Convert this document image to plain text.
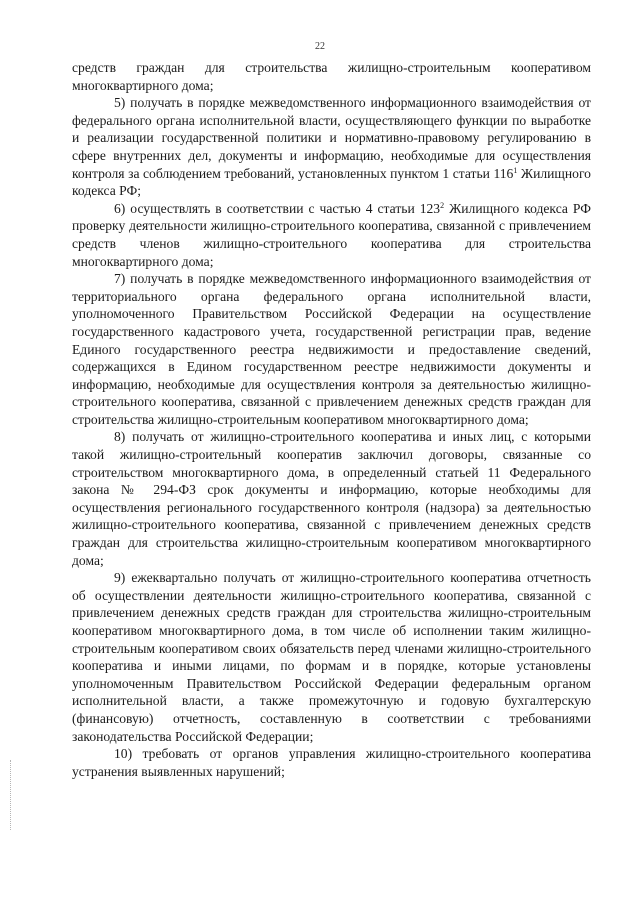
22

средств граждан для строительства жилищно-строительным кооперативом многоквартирного дома;

5) получать в порядке межведомственного информационного взаимодействия от федерального органа исполнительной власти, осуществляющего функции по выработке и реализации государственной политики и нормативно-правовому регулированию в сфере внутренних дел, документы и информацию, необходимые для осуществления контроля за соблюдением требований, установленных пунктом 1 статьи $116^1$ Жилищного кодекса РФ;

6) осуществлять в соответствии с частью 4 статьи $123^2$ Жилищного кодекса РФ проверку деятельности жилищно-строительного кооператива, связанной с привлечением средств членов жилищно-строительного кооператива для строительства многоквартирного дома;

7) получать в порядке межведомственного информационного взаимодействия от территориального органа федерального органа исполнительной власти, уполномоченного Правительством Российской Федерации на осуществление государственного кадастрового учета, государственной регистрации прав, ведение Единого государственного реестра недвижимости и предоставление сведений, содержащихся в Едином государственном реестре недвижимости документы и информацию, необходимые для осуществления контроля за деятельностью жилищно-строительного кооператива, связанной с привлечением денежных средств граждан для строительства жилищно-строительным кооперативом многоквартирного дома;

8) получать от жилищно-строительного кооператива и иных лиц, с которыми такой жилищно-строительный кооператив заключил договоры, связанные со строительством многоквартирного дома, в определенный статьей 11 Федерального закона № 294-ФЗ срок документы и информацию, которые необходимы для осуществления регионального государственного контроля (надзора) за деятельностью жилищно-строительного кооператива, связанной с привлечением денежных средств граждан для строительства жилищно-строительным кооперативом многоквартирного дома;

9) ежеквартально получать от жилищно-строительного кооператива отчетность об осуществлении деятельности жилищно-строительного кооператива, связанной с привлечением денежных средств граждан для строительства жилищно-строительным кооперативом многоквартирного дома, в том числе об исполнении таким жилищно-строительным кооперативом своих обязательств перед членами жилищно-строительного кооператива и иными лицами, по формам и в порядке, которые установлены уполномоченным Правительством Российской Федерации федеральным органом исполнительной власти, а также промежуточную и годовую бухгалтерскую (финансовую) отчетность, составленную в соответствии с требованиями законодательства Российской Федерации;

10) требовать от органов управления жилищно-строительного кооператива устранения выявленных нарушений;
